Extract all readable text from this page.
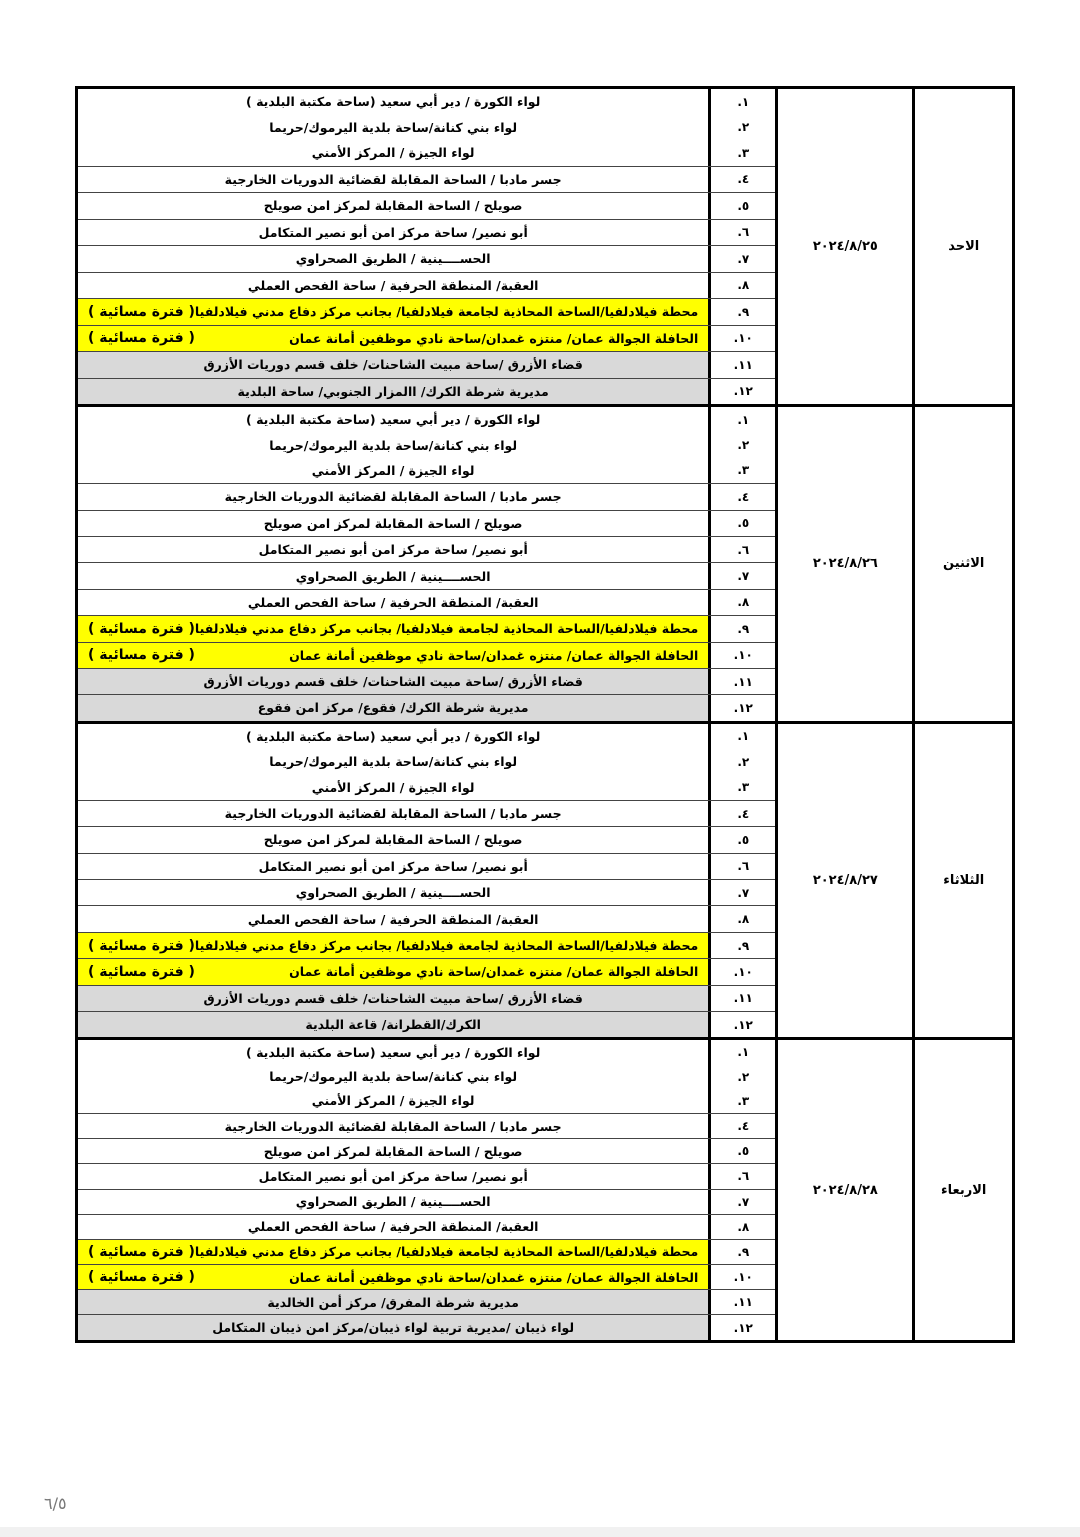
الاحد
٢٠٢٤/٨/٢٥
١.
لواء الكورة / دير أبي سعيد (ساحة مكتبة البلدية )
٢.
لواء بني كنانة/ساحة بلدية اليرموك/حريما
٣.
لواء الجيزة / المركز الأمني
٤.
جسر مادبا / الساحة المقابلة لقضائية الدوريات الخارجية
٥.
صويلح / الساحة المقابلة لمركز امن صويلح
٦.
أبو نصير/ ساحة مركز امن أبو نصير المتكامل
٧.
الحســــينية / الطريق الصحراوي
٨.
العقبة/ المنطقة الحرفية / ساحة الفحص العملي
٩.
محطة فيلادلفيا/الساحة المحاذية لجامعة فيلادلفيا/ بجانب مركز دفاع مدني فيلادلفيا
( فترة مسائية )
١٠.
الحافلة الجوالة عمان/ منتزه غمدان/ساحة نادي موظفين أمانة عمان
( فترة مسائية )
١١.
قضاء الأزرق /ساحة مبيت الشاحنات/ خلف قسم دوريات الأزرق
١٢.
مديرية شرطة الكرك/ االمزار الجنوبي/ ساحة البلدية
الاثنين
٢٠٢٤/٨/٢٦
١.
لواء الكورة / دير أبي سعيد (ساحة مكتبة البلدية )
٢.
لواء بني كنانة/ساحة بلدية اليرموك/حريما
٣.
لواء الجيزة / المركز الأمني
٤.
جسر مادبا / الساحة المقابلة لقضائية الدوريات الخارجية
٥.
صويلح / الساحة المقابلة لمركز امن صويلح
٦.
أبو نصير/ ساحة مركز امن أبو نصير المتكامل
٧.
الحســــينية / الطريق الصحراوي
٨.
العقبة/ المنطقة الحرفية / ساحة الفحص العملي
٩.
محطة فيلادلفيا/الساحة المحاذية لجامعة فيلادلفيا/ بجانب مركز دفاع مدني فيلادلفيا
( فترة مسائية )
١٠.
الحافلة الجوالة عمان/ منتزه غمدان/ساحة نادي موظفين أمانة عمان
( فترة مسائية )
١١.
قضاء الأزرق /ساحة مبيت الشاحنات/ خلف قسم دوريات الأزرق
١٢.
مديرية شرطة الكرك/ فقوع/ مركز امن فقوع
الثلاثاء
٢٠٢٤/٨/٢٧
١.
لواء الكورة / دير أبي سعيد (ساحة مكتبة البلدية )
٢.
لواء بني كنانة/ساحة بلدية اليرموك/حريما
٣.
لواء الجيزة / المركز الأمني
٤.
جسر مادبا / الساحة المقابلة لقضائية الدوريات الخارجية
٥.
صويلح / الساحة المقابلة لمركز امن صويلح
٦.
أبو نصير/ ساحة مركز امن أبو نصير المتكامل
٧.
الحســــينية / الطريق الصحراوي
٨.
العقبة/ المنطقة الحرفية / ساحة الفحص العملي
٩.
محطة فيلادلفيا/الساحة المحاذية لجامعة فيلادلفيا/ بجانب مركز دفاع مدني فيلادلفيا
( فترة مسائية )
١٠.
الحافلة الجوالة عمان/ منتزه غمدان/ساحة نادي موظفين أمانة عمان
( فترة مسائية )
١١.
قضاء الأزرق /ساحة مبيت الشاحنات/ خلف قسم دوريات الأزرق
١٢.
الكرك/القطرانة/ قاعة البلدية
الاربعاء
٢٠٢٤/٨/٢٨
١.
لواء الكورة / دير أبي سعيد (ساحة مكتبة البلدية )
٢.
لواء بني كنانة/ساحة بلدية اليرموك/حريما
٣.
لواء الجيزة / المركز الأمني
٤.
جسر مادبا / الساحة المقابلة لقضائية الدوريات الخارجية
٥.
صويلح / الساحة المقابلة لمركز امن صويلح
٦.
أبو نصير/ ساحة مركز امن أبو نصير المتكامل
٧.
الحســــينية / الطريق الصحراوي
٨.
العقبة/ المنطقة الحرفية / ساحة الفحص العملي
٩.
محطة فيلادلفيا/الساحة المحاذية لجامعة فيلادلفيا/ بجانب مركز دفاع مدني فيلادلفيا
( فترة مسائية )
١٠.
الحافلة الجوالة عمان/ منتزه غمدان/ساحة نادي موظفين أمانة عمان
( فترة مسائية )
١١.
مديرية شرطة المفرق/ مركز أمن الخالدية
١٢.
لواء ذيبان /مديرية تربية لواء ذيبان/مركز امن ذيبان المتكامل
٦/٥
